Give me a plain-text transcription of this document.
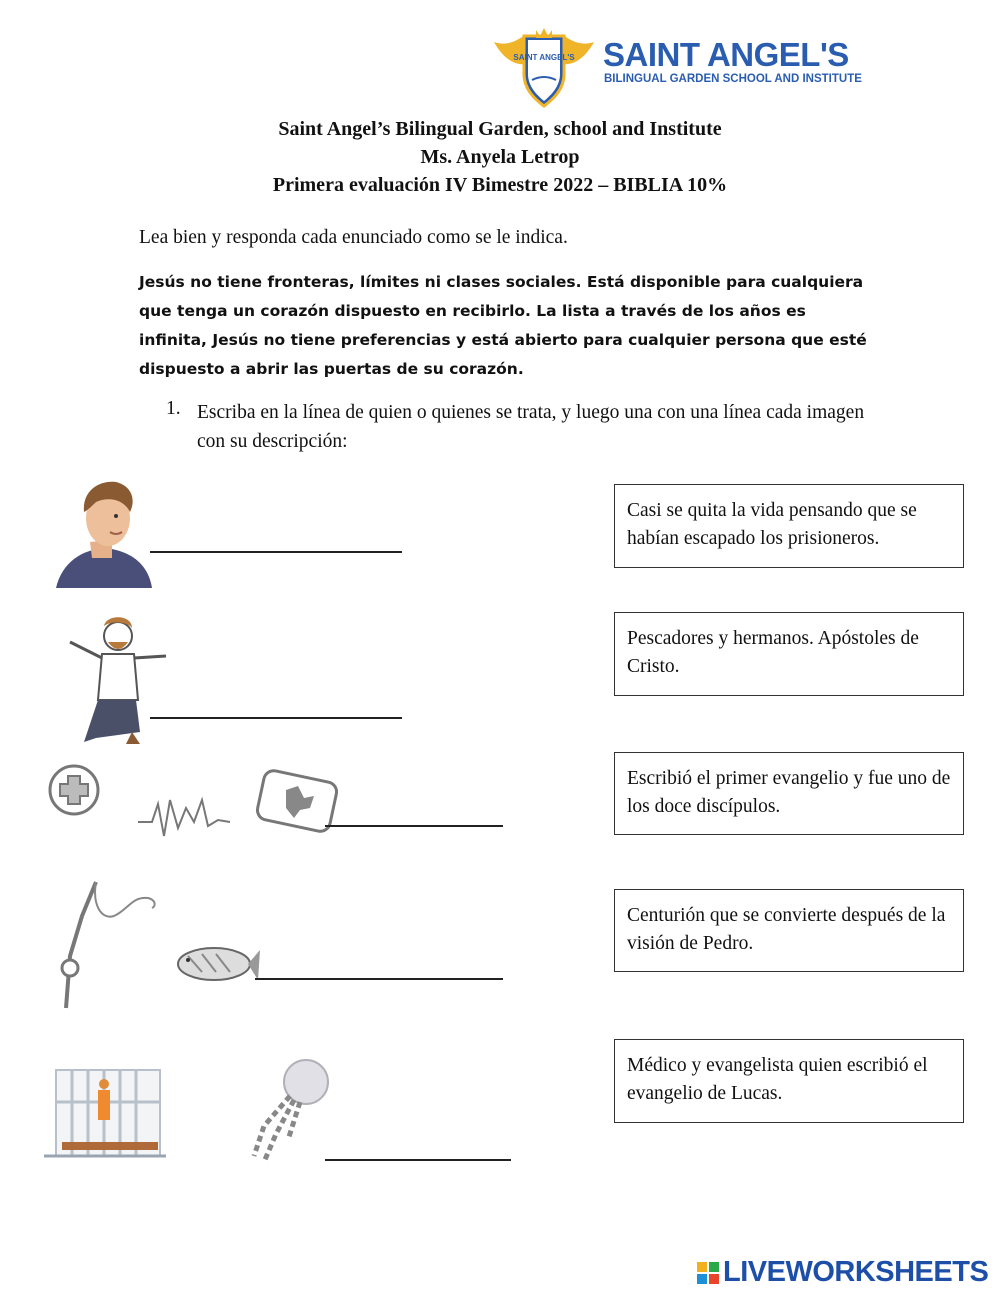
SAINT ANGEL'S SAINT ANGEL'S
BILINGUAL GARDEN SCHOOL AND INSTITUTE
Saint Angel’s Bilingual Garden, school and Institute
Ms. Anyela Letrop
Primera evaluación IV Bimestre 2022 – BIBLIA 10%
Lea bien y responda cada enunciado como se le indica.
Jesús no tiene fronteras, límites ni clases sociales. Está disponible para cualquiera que tenga un corazón dispuesto en recibirlo. La lista a través de los años es infinita, Jesús no tiene preferencias y está abierto para cualquier persona que esté dispuesto a abrir las puertas de su corazón.
1. Escriba en la línea de quien o quienes se trata, y luego una con una línea cada imagen con su descripción:
Casi se quita la vida pensando que se habían escapado los prisioneros.
Pescadores y hermanos. Apóstoles de Cristo.
Escribió el primer evangelio y fue uno de los doce discípulos.
Centurión que se convierte después de la visión de Pedro.
Médico y evangelista quien escribió el evangelio de Lucas.
LIVEWORKSHEETS
